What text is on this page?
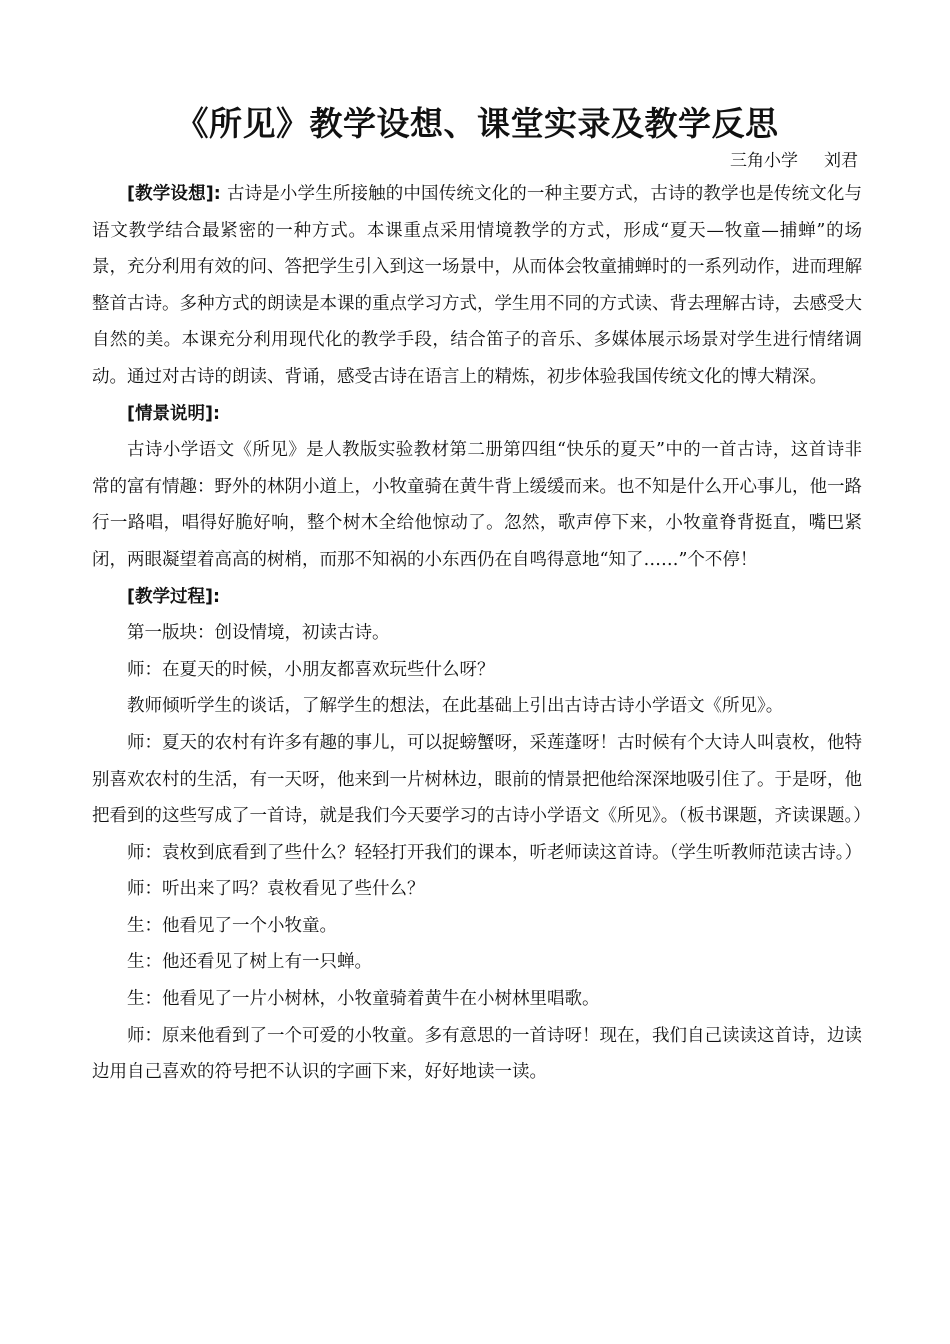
《所见》教学设想、课堂实录及教学反思
三角小学 刘君

[教学设想]: 古诗是小学生所接触的中国传统文化的一种主要方式，古诗的教学也是传统文化与语文教学结合最紧密的一种方式。本课重点采用情境教学的方式，形成“夏天—牧童—捕蝉”的场景，充分利用有效的问、答把学生引入到这一场景中，从而体会牧童捕蝉时的一系列动作，进而理解整首古诗。多种方式的朗读是本课的重点学习方式，学生用不同的方式读、背去理解古诗，去感受大自然的美。本课充分利用现代化的教学手段，结合笛子的音乐、多媒体展示场景对学生进行情绪调动。通过对古诗的朗读、背诵，感受古诗在语言上的精炼，初步体验我国传统文化的博大精深。

[情景说明]:

古诗小学语文《所见》是人教版实验教材第二册第四组“快乐的夏天”中的一首古诗，这首诗非常的富有情趣：野外的林阴小道上，小牧童骑在黄牛背上缓缓而来。也不知是什么开心事儿，他一路行一路唱，唱得好脆好响，整个树木全给他惊动了。忽然，歌声停下来，小牧童脊背挺直，嘴巴紧闭，两眼凝望着高高的树梢，而那不知祸的小东西仍在自鸣得意地“知了……”个不停！

[教学过程]:

第一版块：创设情境，初读古诗。

师：在夏天的时候，小朋友都喜欢玩些什么呀？

教师倾听学生的谈话，了解学生的想法，在此基础上引出古诗古诗小学语文《所见》。

师：夏天的农村有许多有趣的事儿，可以捉螃蟹呀，采莲蓬呀！古时候有个大诗人叫袁枚，他特别喜欢农村的生活，有一天呀，他来到一片树林边，眼前的情景把他给深深地吸引住了。于是呀，他把看到的这些写成了一首诗，就是我们今天要学习的古诗小学语文《所见》。（板书课题，齐读课题。）

师：袁枚到底看到了些什么？轻轻打开我们的课本，听老师读这首诗。（学生听教师范读古诗。）

师：听出来了吗？袁枚看见了些什么？

生：他看见了一个小牧童。

生：他还看见了树上有一只蝉。

生：他看见了一片小树林，小牧童骑着黄牛在小树林里唱歌。

师：原来他看到了一个可爱的小牧童。多有意思的一首诗呀！现在，我们自己读读这首诗，边读边用自己喜欢的符号把不认识的字画下来，好好地读一读。
